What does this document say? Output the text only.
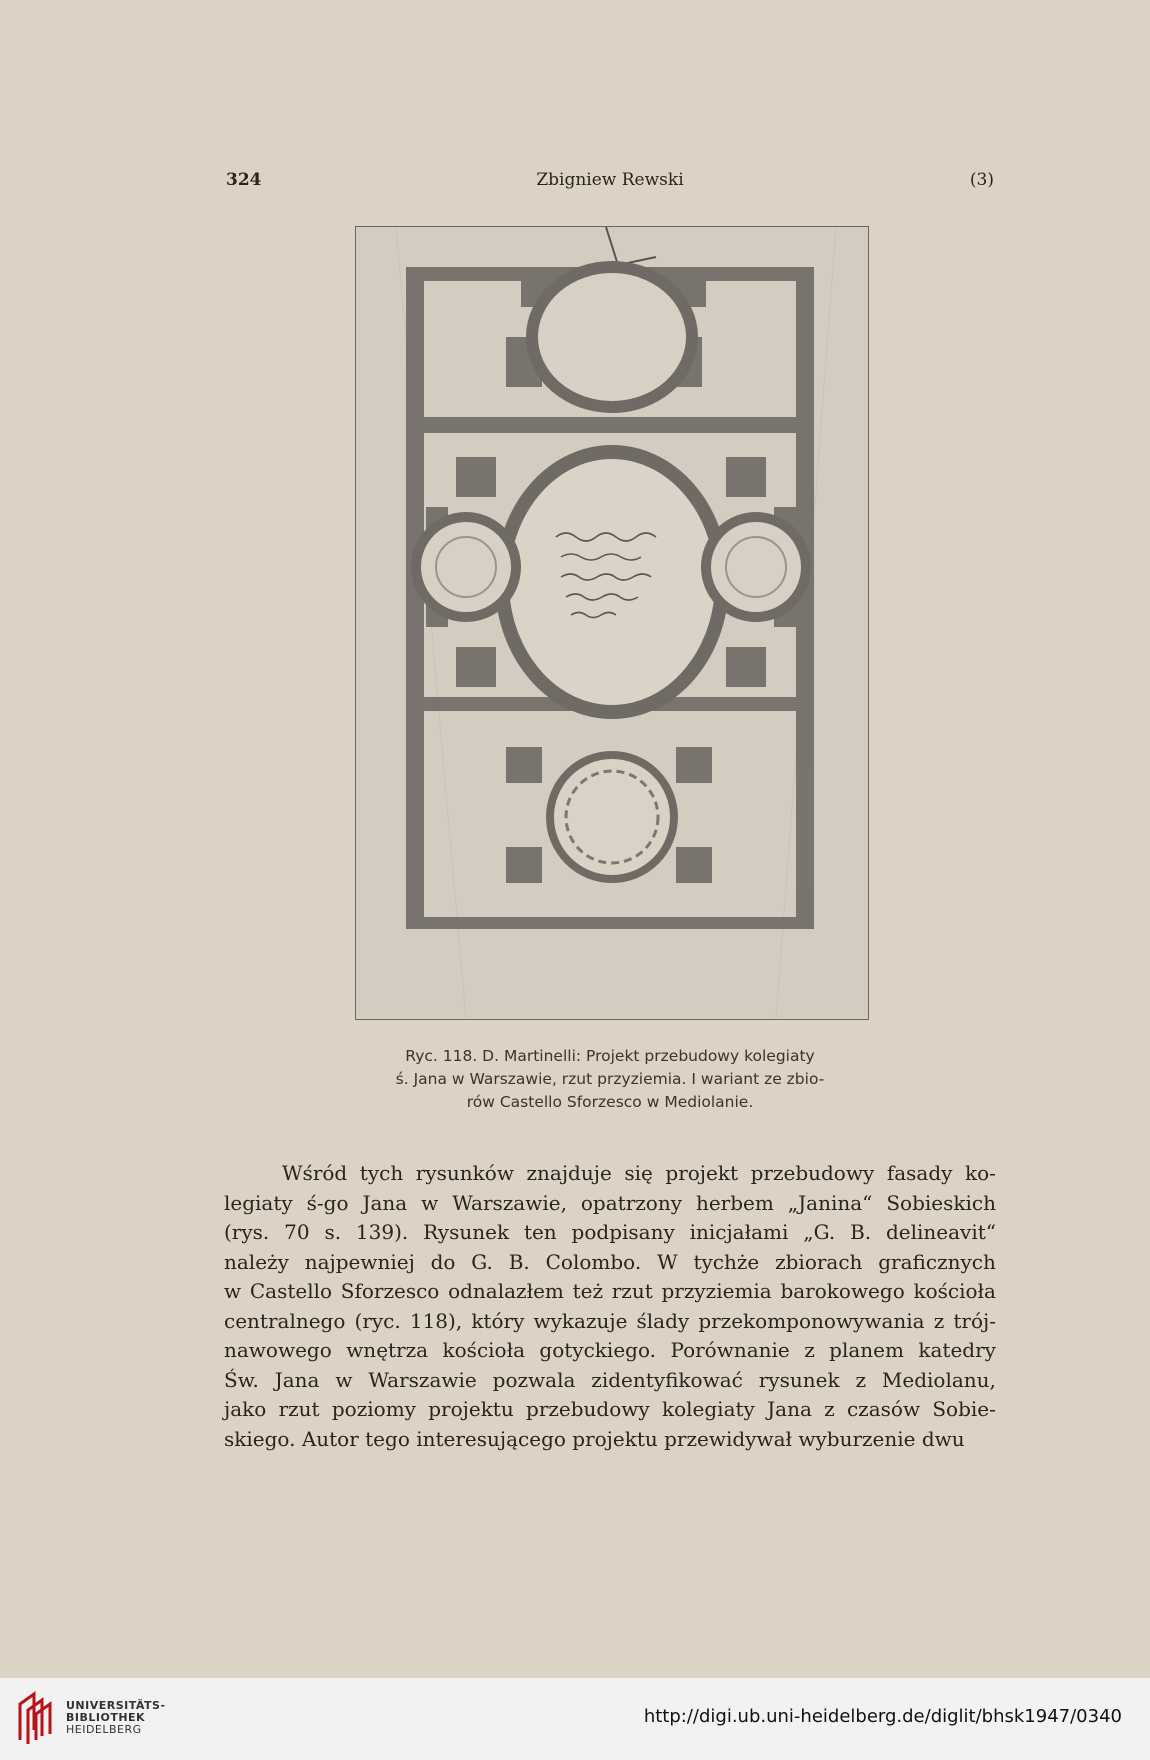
324	Zbigniew Rewski	(3)
Ryc. 118. D. Martinelli: Projekt przebudowy kolegiaty
ś. Jana w Warszawie, rzut przyziemia. I wariant ze zbio-
rów Castello Sforzesco w Mediolanie.
Wśród tych rysunków znajduje się projekt przebudowy fasady ko-
legiaty ś-go Jana w Warszawie, opatrzony herbem „Janina“ Sobieskich
(rys. 70 s. 139). Rysunek ten podpisany inicjałami „G. B. delineavit“
należy najpewniej do G. B. Colombo. W tychże zbiorach graficznych
w Castello Sforzesco odnalazłem też rzut przyziemia barokowego kościoła
centralnego (ryc. 118), który wykazuje ślady przekomponowywania z trój-
nawowego wnętrza kościoła gotyckiego. Porównanie z planem katedry
Św. Jana w Warszawie pozwala zidentyfikować rysunek z Mediolanu,
jako rzut poziomy projektu przebudowy kolegiaty Jana z czasów Sobie-
skiego. Autor tego interesującego projektu przewidywał wyburzenie dwu
UNIVERSITÄTS-
BIBLIOTHEK
HEIDELBERG
http://digi.ub.uni-heidelberg.de/diglit/bhsk1947/0340
